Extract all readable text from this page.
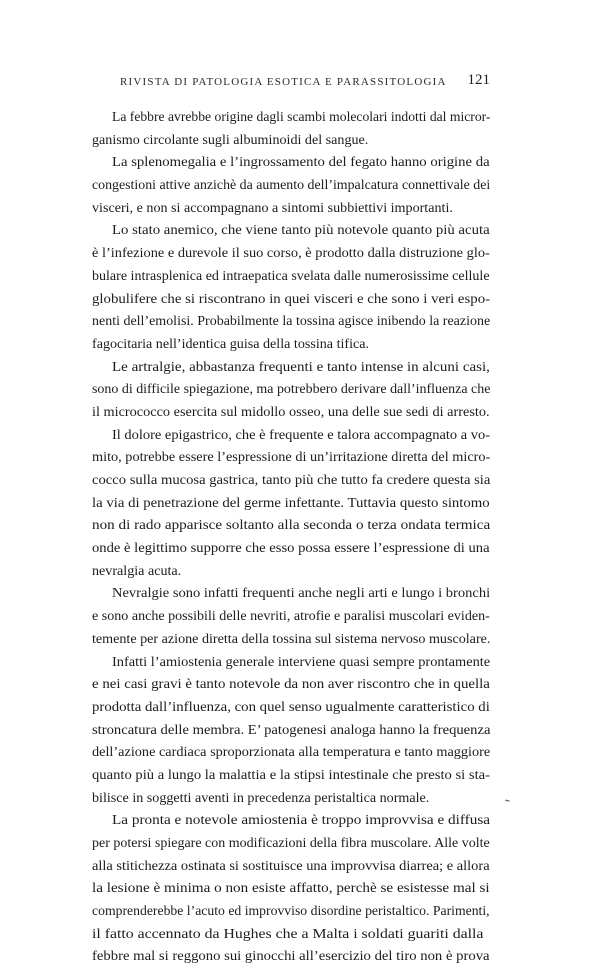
RIVISTA DI PATOLOGIA ESOTICA E PARASSITOLOGIA 121
La febbre avrebbe origine dagli scambi molecolari indotti dal micror-
ganismo circolante sugli albuminoidi del sangue.
La splenomegalia e l’ingrossamento del fegato hanno origine da
congestioni attive anzichè da aumento dell’impalcatura connettivale dei
visceri, e non si accompagnano a sintomi subbiettivi importanti.
Lo stato anemico, che viene tanto più notevole quanto più acuta
è l’infezione e durevole il suo corso, è prodotto dalla distruzione glo-
bulare intrasplenica ed intraepatica svelata dalle numerosissime cellule
globulifere che si riscontrano in quei visceri e che sono i veri espo-
nenti dell’emolisi. Probabilmente la tossina agisce inibendo la reazione
fagocitaria nell’identica guisa della tossina tifica.
Le artralgie, abbastanza frequenti e tanto intense in alcuni casi,
sono di difficile spiegazione, ma potrebbero derivare dall’influenza che
il micrococco esercita sul midollo osseo, una delle sue sedi di arresto.
Il dolore epigastrico, che è frequente e talora accompagnato a vo-
mito, potrebbe essere l’espressione di un’irritazione diretta del micro-
cocco sulla mucosa gastrica, tanto più che tutto fa credere questa sia
la via di penetrazione del germe infettante. Tuttavia questo sintomo
non di rado apparisce soltanto alla seconda o terza ondata termica
onde è legittimo supporre che esso possa essere l’espressione di una
nevralgia acuta.
Nevralgie sono infatti frequenti anche negli arti e lungo i bronchi
e sono anche possibili delle nevriti, atrofie e paralisi muscolari eviden-
temente per azione diretta della tossina sul sistema nervoso muscolare.
Infatti l’amiostenia generale interviene quasi sempre prontamente
e nei casi gravi è tanto notevole da non aver riscontro che in quella
prodotta dall’influenza, con quel senso ugualmente caratteristico di
stroncatura delle membra. E’ patogenesi analoga hanno la frequenza
dell’azione cardiaca sproporzionata alla temperatura e tanto maggiore
quanto più a lungo la malattia e la stipsi intestinale che presto si sta-
bilisce in soggetti aventi in precedenza peristaltica normale.
La pronta e notevole amiostenia è troppo improvvisa e diffusa
per potersi spiegare con modificazioni della fibra muscolare. Alle volte
alla stitichezza ostinata si sostituisce una improvvisa diarrea; e allora
la lesione è minima o non esiste affatto, perchè se esistesse mal si
comprenderebbe l’acuto ed improvviso disordine peristaltico. Parimenti,
il fatto accennato da Hughes che a Malta i soldati guariti dalla
febbre mal si reggono sui ginocchi all’esercizio del tiro non è prova
˜
